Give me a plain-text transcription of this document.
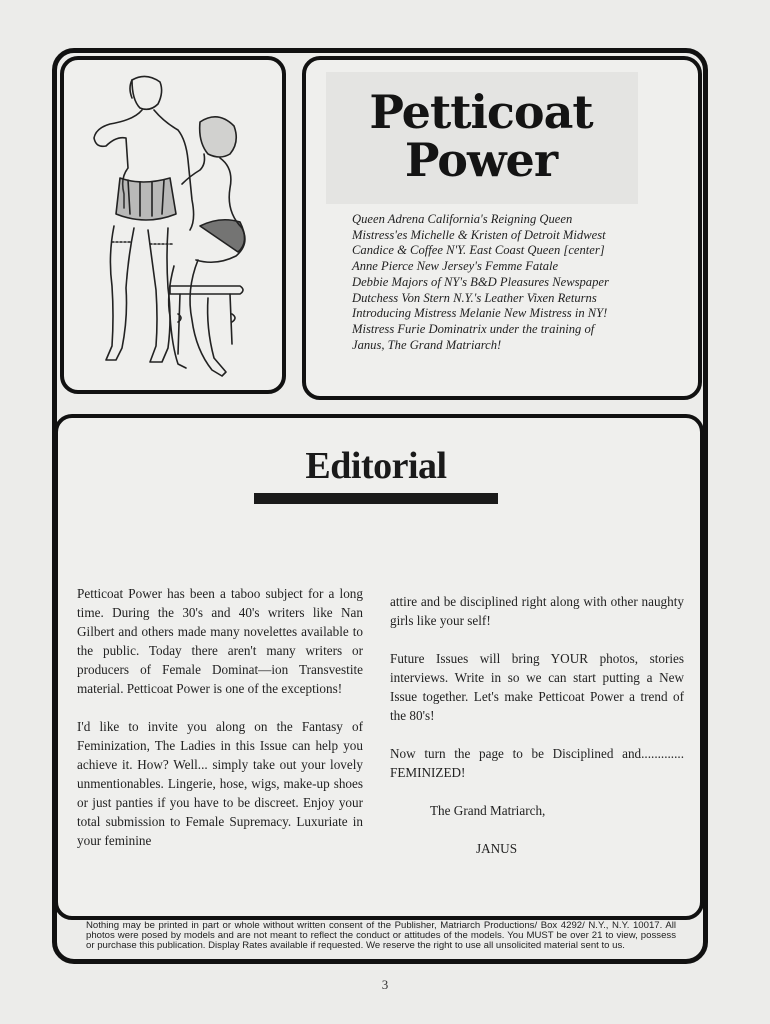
Petticoat Power
Queen Adrena California's Reigning Queen
Mistress'es Michelle & Kristen of Detroit Midwest
Candice & Coffee N'Y. East Coast Queen [center]
Anne Pierce New Jersey's Femme Fatale
Debbie Majors of NY's B&D Pleasures Newspaper
Dutchess Von Stern N.Y.'s Leather Vixen Returns
Introducing Mistress Melanie New Mistress in NY!
Mistress Furie Dominatrix under the training of
Janus, The Grand Matriarch!
Editorial

Petticoat Power has been a taboo subject for a long time. During the 30's and 40's writers like Nan Gilbert and others made many novelettes available to the public. Today there aren't many writers or producers of Female Dominat—ion Transvestite material. Petticoat Power is one of the exceptions!

I'd like to invite you along on the Fantasy of Feminization, The Ladies in this Issue can help you achieve it. How? Well... simply take out your lovely unmentionables. Lingerie, hose, wigs, make-up shoes or just panties if you have to be discreet. Enjoy your total submission to Female Supremacy. Luxuriate in your feminine

attire and be disciplined right along with other naughty girls like your self!

Future Issues will bring YOUR photos, stories interviews. Write in so we can start putting a New Issue together. Let's make Petticoat Power a trend of the 80's!

Now turn the page to be Disciplined and............. FEMINIZED!

The Grand Matriarch,

JANUS

Nothing may be printed in part or whole without written consent of the Publisher, Matriarch Productions/ Box 4292/ N.Y., N.Y. 10017. All photos were posed by models and are not meant to reflect the conduct or attitudes of the models. You MUST be over 21 to view, possess or purchase this publication. Display Rates available if requested. We reserve the right to use all unsolicited material sent to us.
3
